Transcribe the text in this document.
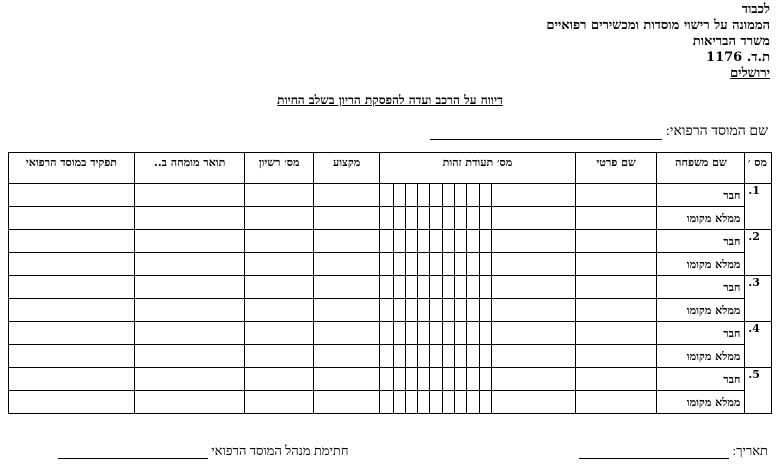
לכבוד
הממונה על רישוי מוסדות ומכשירים רפואיים
משרד הבריאות
ת.ד. 1176
ירושלים
דיווח על הרכב ועדה להפסקת הריון בשלב החיות
שם המוסד הרפואי:
מס ׳	שם משפחה	שם פרטי	מס׳ תעודת זהות										מקצוע	מס׳ רשיון	תואר מומחה ב..	תפקיד במוסד הרפואי
1.	חבר															
	ממלא מקומו															
2.	חבר															
	ממלא מקומו															
3.	חבר															
	ממלא מקומו															
4.	חבר															
	ממלא מקומו															
5.	חבר															
	ממלא מקומו															
תאריך:
חתימת מנהל המוסד הרפואי
